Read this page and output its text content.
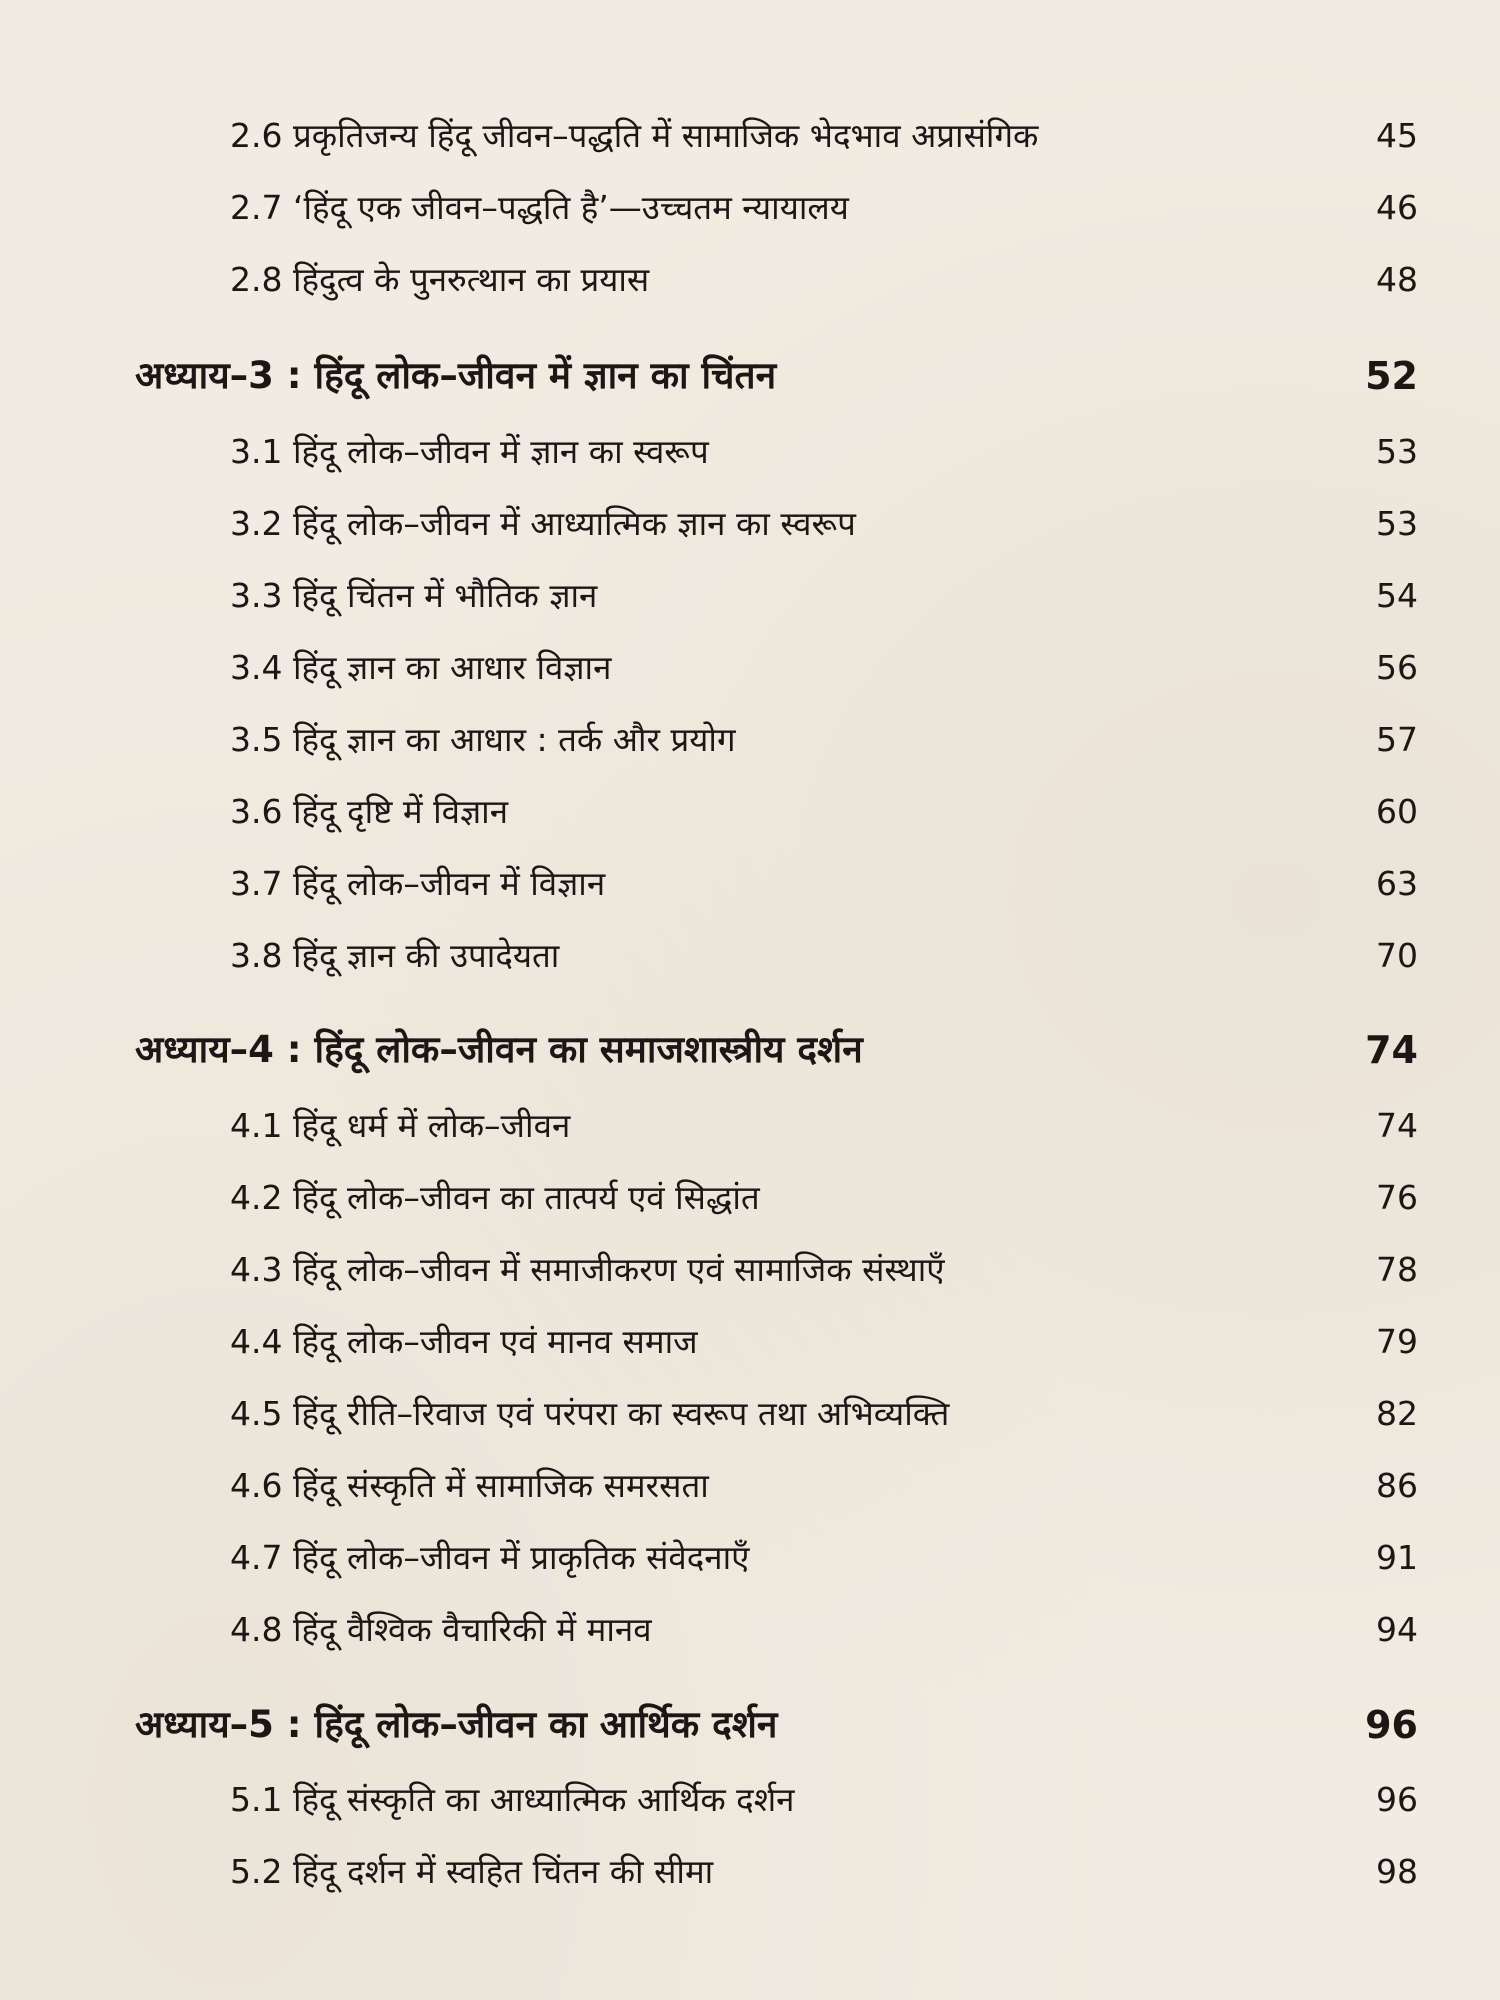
2.6 प्रकृतिजन्य हिंदू जीवन–पद्धति में सामाजिक भेदभाव अप्रासंगिक	45
2.7 ‘हिंदू एक जीवन–पद्धति है’—उच्चतम न्यायालय	46
2.8 हिंदुत्व के पुनरुत्थान का प्रयास	48
अध्याय–3 : हिंदू लोक–जीवन में ज्ञान का चिंतन	52
3.1 हिंदू लोक–जीवन में ज्ञान का स्वरूप	53
3.2 हिंदू लोक–जीवन में आध्यात्मिक ज्ञान का स्वरूप	53
3.3 हिंदू चिंतन में भौतिक ज्ञान	54
3.4 हिंदू ज्ञान का आधार विज्ञान	56
3.5 हिंदू ज्ञान का आधार : तर्क और प्रयोग	57
3.6 हिंदू दृष्टि में विज्ञान	60
3.7 हिंदू लोक–जीवन में विज्ञान	63
3.8 हिंदू ज्ञान की उपादेयता	70
अध्याय–4 : हिंदू लोक–जीवन का समाजशास्त्रीय दर्शन	74
4.1 हिंदू धर्म में लोक–जीवन	74
4.2 हिंदू लोक–जीवन का तात्पर्य एवं सिद्धांत	76
4.3 हिंदू लोक–जीवन में समाजीकरण एवं सामाजिक संस्थाएँ	78
4.4 हिंदू लोक–जीवन एवं मानव समाज	79
4.5 हिंदू रीति–रिवाज एवं परंपरा का स्वरूप तथा अभिव्यक्ति	82
4.6 हिंदू संस्कृति में सामाजिक समरसता	86
4.7 हिंदू लोक–जीवन में प्राकृतिक संवेदनाएँ	91
4.8 हिंदू वैश्विक वैचारिकी में मानव	94
अध्याय–5 : हिंदू लोक–जीवन का आर्थिक दर्शन	96
5.1 हिंदू संस्कृति का आध्यात्मिक आर्थिक दर्शन	96
5.2 हिंदू दर्शन में स्वहित चिंतन की सीमा	98
